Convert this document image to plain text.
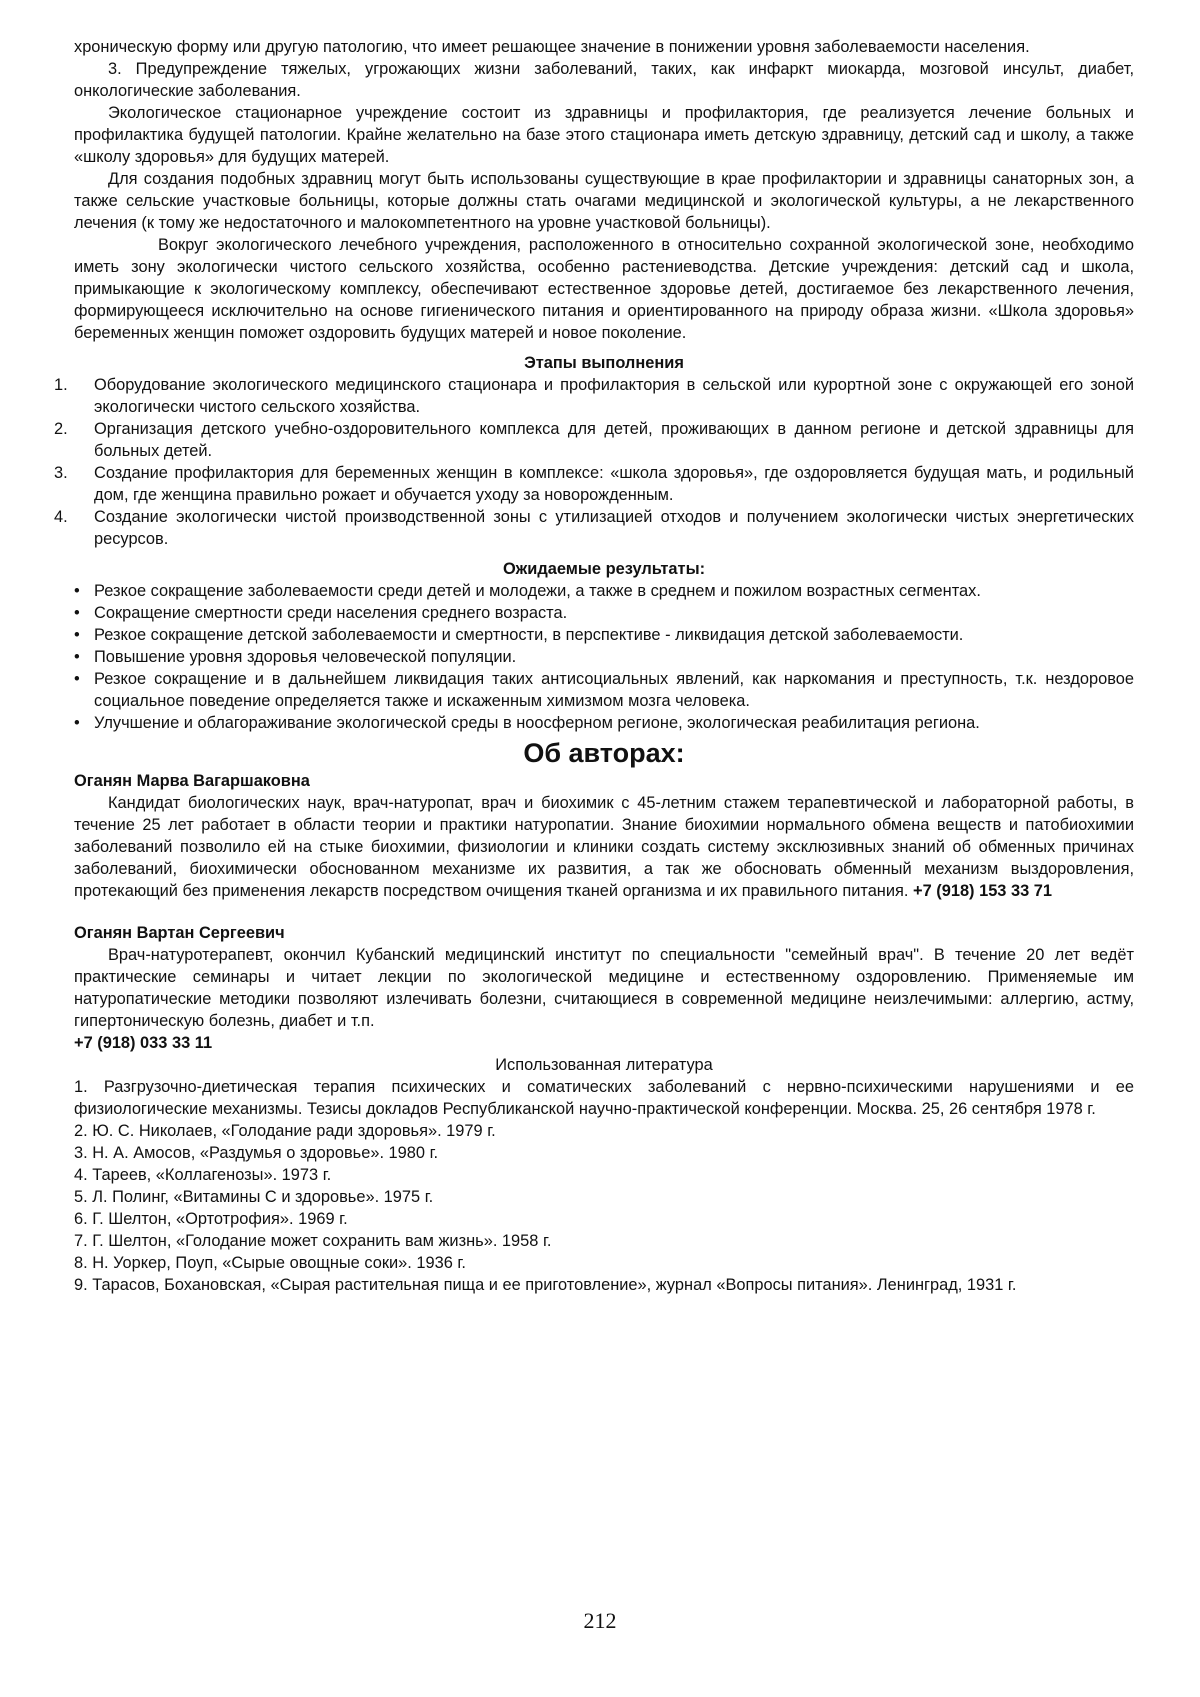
хроническую форму или другую патологию, что имеет решающее значение в понижении уровня заболеваемости населения.

3. Предупреждение тяжелых, угрожающих жизни заболеваний, таких, как инфаркт миокарда, мозговой инсульт, диабет, онкологические заболевания.

Экологическое стационарное учреждение состоит из здравницы и профилактория, где реализуется лечение больных и профилактика будущей патологии. Крайне желательно на базе этого стационара иметь детскую здравницу, детский сад и школу, а также «школу здоровья» для будущих матерей.

Для создания подобных здравниц могут быть использованы существующие в крае профилактории и здравницы санаторных зон, а также сельские участковые больницы, которые должны стать очагами медицинской и экологической культуры, а не лекарственного лечения (к тому же недостаточного и малокомпетентного на уровне участковой больницы).

Вокруг экологического лечебного учреждения, расположенного в относительно сохранной экологической зоне, необходимо иметь зону экологически чистого сельского хозяйства, особенно растениеводства. Детские учреждения: детский сад и школа, примыкающие к экологическому комплексу, обеспечивают естественное здоровье детей, достигаемое без лекарственного лечения, формирующееся исключительно на основе гигиенического питания и ориентированного на природу образа жизни. «Школа здоровья» беременных женщин поможет оздоровить будущих матерей и новое поколение.

Этапы выполнения

1.	Оборудование экологического медицинского стационара и профилактория в сельской или курортной зоне с окружающей его зоной экологически чистого сельского хозяйства.
2.	Организация детского учебно-оздоровительного комплекса для детей, проживающих в данном регионе и детской здравницы для больных детей.
3.	Создание профилактория для беременных женщин в комплексе: «школа здоровья», где оздоровляется будущая мать, и родильный дом, где женщина правильно рожает и обучается уходу за новорожденным.
4.	Создание экологически чистой производственной зоны с утилизацией отходов и получением экологически чистых энергетических ресурсов.

Ожидаемые результаты:

• Резкое сокращение заболеваемости среди детей и молодежи, а также в среднем и пожилом возрастных сегментах.
• Сокращение смертности среди населения среднего возраста.
• Резкое сокращение детской заболеваемости и смертности, в перспективе - ликвидация детской заболеваемости.
• Повышение уровня здоровья человеческой популяции.
• Резкое сокращение и в дальнейшем ликвидация таких антисоциальных явлений, как наркомания и преступность, т.к. нездоровое социальное поведение определяется также и искаженным химизмом мозга человека.
• Улучшение и облагораживание экологической среды в ноосферном регионе, экологическая реабилитация региона.

Об авторах:

Оганян Марва Вагаршаковна

Кандидат биологических наук, врач-натуропат, врач и биохимик с 45-летним стажем терапевтической и лабораторной работы, в течение 25 лет работает в области теории и практики натуропатии. Знание биохимии нормального обмена веществ и патобиохимии заболеваний позволило ей на стыке биохимии, физиологии и клиники создать систему эксклюзивных знаний об обменных причинах заболеваний, биохимически обоснованном механизме их развития, а так же обосновать обменный механизм выздоровления, протекающий без применения лекарств посредством очищения тканей организма и их правильного питания. +7 (918) 153 33 71

Оганян Вартан Сергеевич

Врач-натуротерапевт, окончил Кубанский медицинский институт по специальности "семейный врач". В течение 20 лет ведёт практические семинары и читает лекции по экологической медицине и естественному оздоровлению. Применяемые им натуропатические методики позволяют излечивать болезни, считающиеся в современной медицине неизлечимыми: аллергию, астму, гипертоническую болезнь, диабет и т.п.

+7 (918) 033 33 11

Использованная литература

1. Разгрузочно-диетическая терапия психических и соматических заболеваний с нервно-психическими нарушениями и ее физиологические механизмы. Тезисы докладов Республиканской научно-практической конференции. Москва. 25, 26 сентября 1978 г.

2. Ю. С. Николаев, «Голодание ради здоровья». 1979 г.

3. Н. А. Амосов, «Раздумья о здоровье». 1980 г.

4. Тареев, «Коллагенозы». 1973 г.

5. Л. Полинг, «Витамины С и здоровье». 1975 г.

6. Г. Шелтон, «Ортотрофия». 1969 г.

7. Г. Шелтон, «Голодание может сохранить вам жизнь». 1958 г.

8. Н. Уоркер, Поуп, «Сырые овощные соки». 1936 г.

9. Тарасов, Бохановская, «Сырая растительная пища и ее приготовление», журнал «Вопросы питания». Ленинград, 1931 г.

212
